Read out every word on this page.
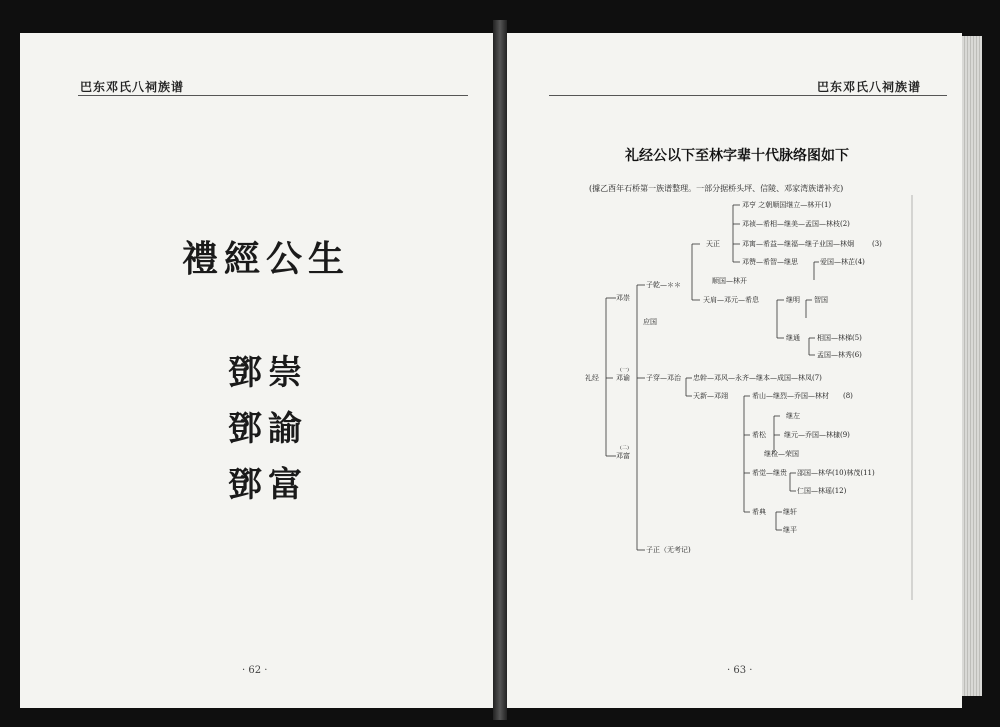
巴东邓氏八祠族谱
禮經公生
鄧崇
鄧諭
鄧富
· 62 ·
巴东邓氏八祠族谱
礼经公以下至林字辈十代脉络图如下
(據乙酉年石桥第一族谱整理。一部分据桥头坪、信陵、邓家湾族谱补充)
· 63 ·
礼经
(一)
邓崇
邓谕
(二)
邓富
子乾—＊＊
子穿—邓治
子正（无考记)
应国
天正
天肩—邓元—希息
邓亨 之朝顺国继立—林开(1)
邓祯—希相—继美—孟国—林枝(2)
邓寓—希益—继福—继子业国—林炯	(3)
邓赞—希智—继思	爱国—林芷(4)
顺国—林开
继明 智国
继通 相国—林梯(5)
孟国—林秀(6)
忠幹—邓风—永齐—继本—成国—林凤(7)
天新—邓翊	希山—继烈—乔国—林材 (8)
继左
希松	继元—乔国—林棣(9)
继检—荣国
希觉—继贵 邵国—林华(10)林茂(11)
仁国—林瑶(12)
希典 继轩
继平
